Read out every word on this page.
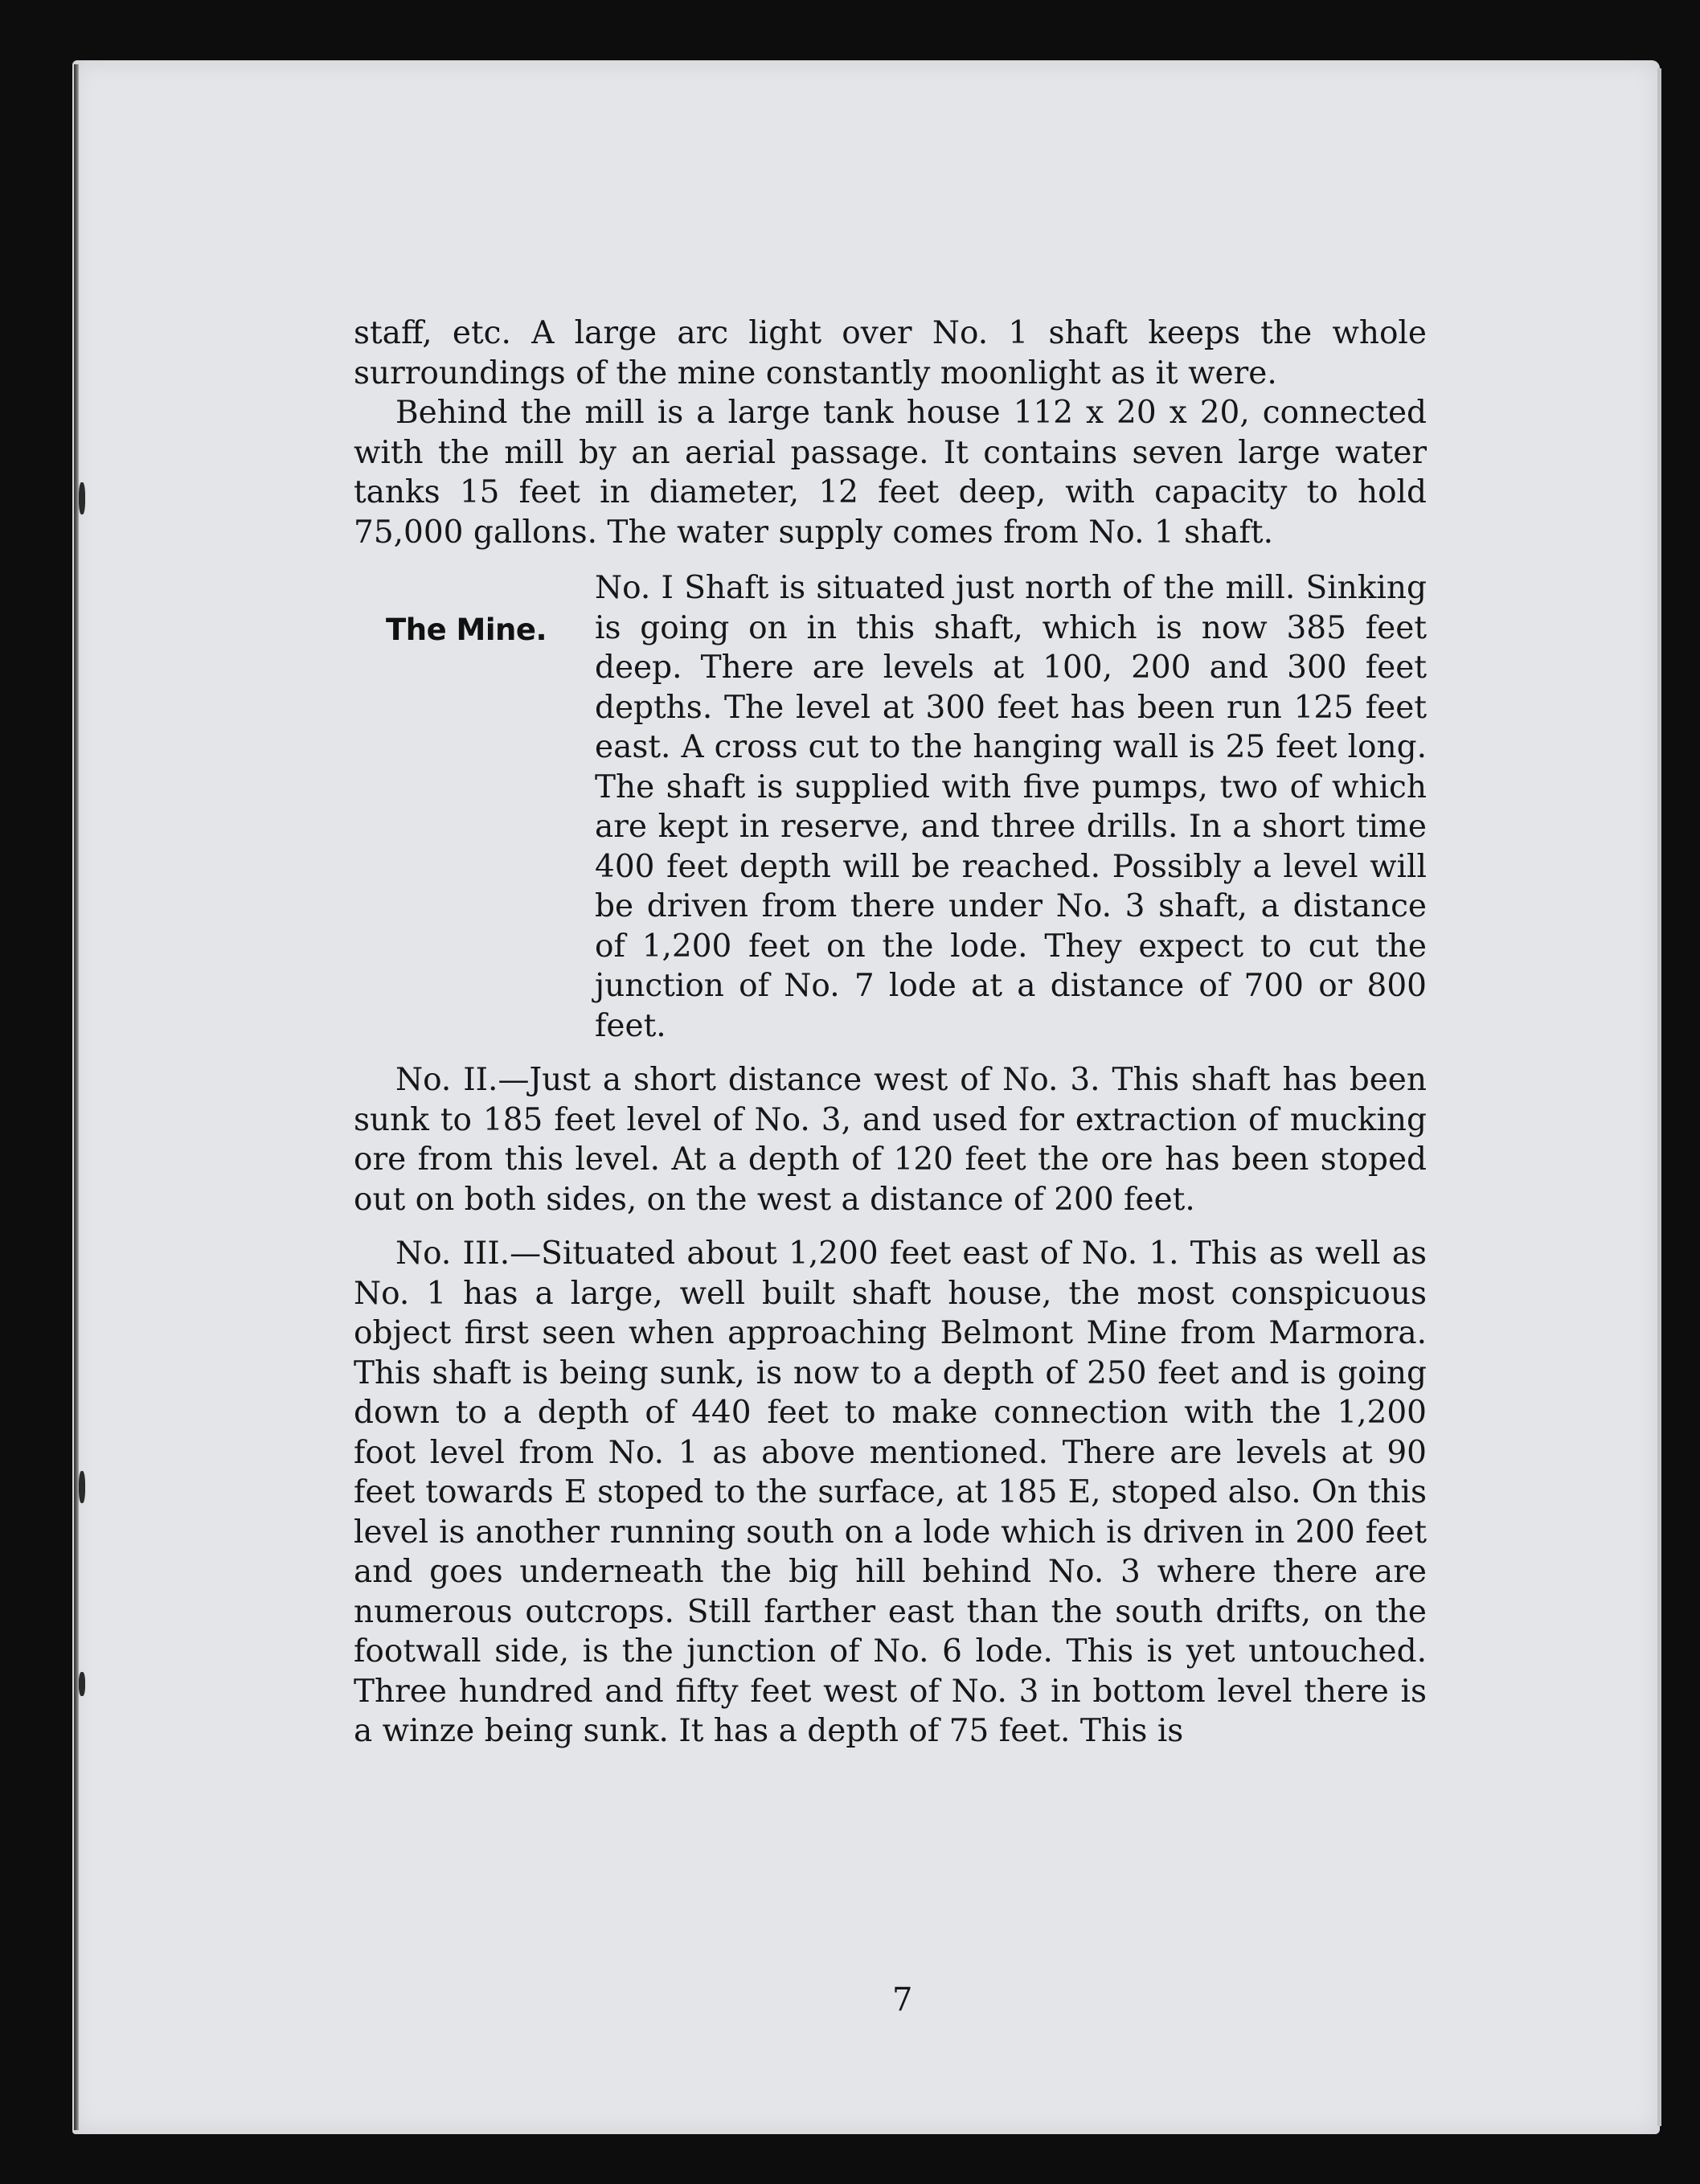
staff, etc. A large arc light over No. 1 shaft keeps the whole surroundings of the mine constantly moonlight as it were.

Behind the mill is a large tank house 112 x 20 x 20, connected with the mill by an aerial passage. It contains seven large water tanks 15 feet in diameter, 12 feet deep, with capacity to hold 75,000 gallons. The water supply comes from No. 1 shaft.

The Mine.

No. I Shaft is situated just north of the mill. Sinking is going on in this shaft, which is now 385 feet deep. There are levels at 100, 200 and 300 feet depths. The level at 300 feet has been run 125 feet east. A cross cut to the hanging wall is 25 feet long. The shaft is supplied with five pumps, two of which are kept in reserve, and three drills. In a short time 400 feet depth will be reached. Possibly a level will be driven from there under No. 3 shaft, a distance of 1,200 feet on the lode. They expect to cut the junction of No. 7 lode at a distance of 700 or 800 feet.

No. II.—Just a short distance west of No. 3. This shaft has been sunk to 185 feet level of No. 3, and used for extraction of mucking ore from this level. At a depth of 120 feet the ore has been stoped out on both sides, on the west a distance of 200 feet.

No. III.—Situated about 1,200 feet east of No. 1. This as well as No. 1 has a large, well built shaft house, the most conspicuous object first seen when approaching Belmont Mine from Marmora. This shaft is being sunk, is now to a depth of 250 feet and is going down to a depth of 440 feet to make connection with the 1,200 foot level from No. 1 as above mentioned. There are levels at 90 feet towards E stoped to the surface, at 185 E, stoped also. On this level is another running south on a lode which is driven in 200 feet and goes underneath the big hill behind No. 3 where there are numerous outcrops. Still farther east than the south drifts, on the footwall side, is the junction of No. 6 lode. This is yet untouched. Three hundred and fifty feet west of No. 3 in bottom level there is a winze being sunk. It has a depth of 75 feet. This is

7
